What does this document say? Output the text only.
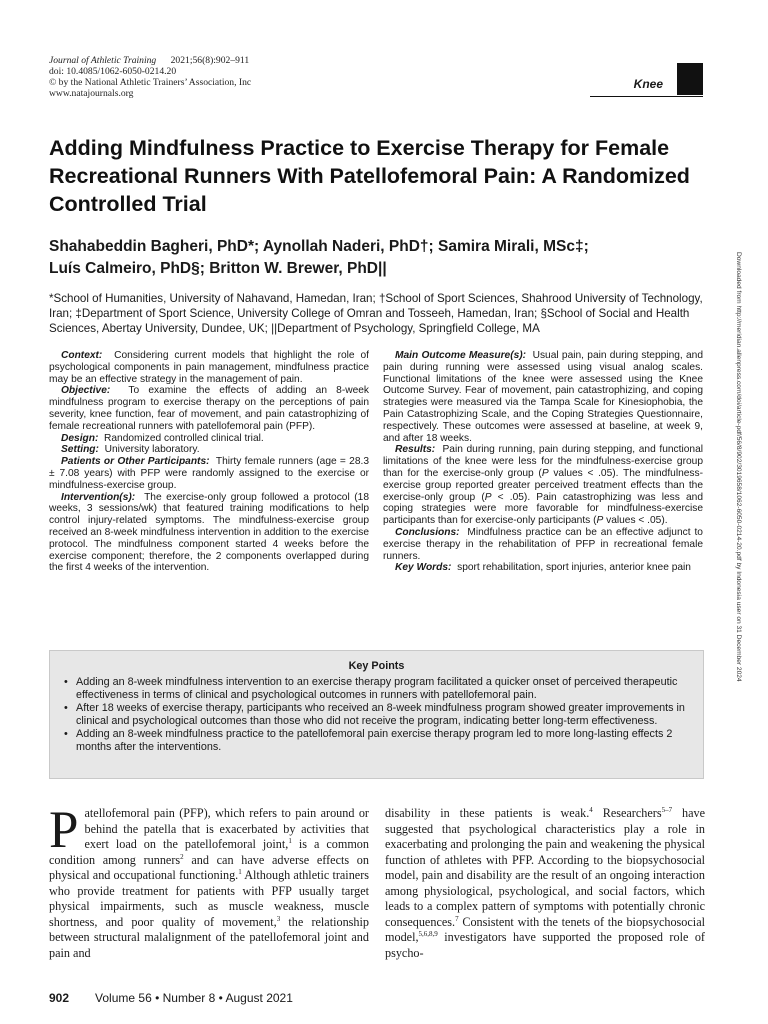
Journal of Athletic Training 2021;56(8):902–911
doi: 10.4085/1062-6050-0214.20
© by the National Athletic Trainers’ Association, Inc
www.natajournals.org
Knee
Adding Mindfulness Practice to Exercise Therapy for Female Recreational Runners With Patellofemoral Pain: A Randomized Controlled Trial
Shahabeddin Bagheri, PhD*; Aynollah Naderi, PhD†; Samira Mirali, MSc‡;
Luís Calmeiro, PhD§; Britton W. Brewer, PhD||
*School of Humanities, University of Nahavand, Hamedan, Iran; †School of Sport Sciences, Shahrood University of Technology, Iran; ‡Department of Sport Science, University College of Omran and Tosseeh, Hamedan, Iran; §School of Social and Health Sciences, Abertay University, Dundee, UK; ||Department of Psychology, Springfield College, MA

Context: Considering current models that highlight the role of psychological components in pain management, mindfulness practice may be an effective strategy in the management of pain.

Objective: To examine the effects of adding an 8-week mindfulness program to exercise therapy on the perceptions of pain severity, knee function, fear of movement, and pain catastrophizing of female recreational runners with patellofemoral pain (PFP).

Design: Randomized controlled clinical trial.

Setting: University laboratory.

Patients or Other Participants: Thirty female runners (age = 28.3 ± 7.08 years) with PFP were randomly assigned to the exercise or mindfulness-exercise group.

Intervention(s): The exercise-only group followed a protocol (18 weeks, 3 sessions/wk) that featured training modifications to help control injury-related symptoms. The mindfulness-exercise group received an 8-week mindfulness intervention in addition to the exercise protocol. The mindfulness component started 4 weeks before the exercise component; therefore, the 2 components overlapped during the first 4 weeks of the intervention.

Main Outcome Measure(s): Usual pain, pain during stepping, and pain during running were assessed using visual analog scales. Functional limitations of the knee were assessed using the Knee Outcome Survey. Fear of movement, pain catastrophizing, and coping strategies were measured via the Tampa Scale for Kinesiophobia, the Pain Catastrophizing Scale, and the Coping Strategies Questionnaire, respectively. These outcomes were assessed at baseline, at week 9, and after 18 weeks.

Results: Pain during running, pain during stepping, and functional limitations of the knee were less for the mindfulness-exercise group than for the exercise-only group (P values < .05). The mindfulness-exercise group reported greater perceived treatment effects than the exercise-only group (P < .05). Pain catastrophizing was less and coping strategies were more favorable for mindfulness-exercise participants than for exercise-only participants (P values < .05).

Conclusions: Mindfulness practice can be an effective adjunct to exercise therapy in the rehabilitation of PFP in recreational female runners.

Key Words: sport rehabilitation, sport injuries, anterior knee pain

Key Points
• Adding an 8-week mindfulness intervention to an exercise therapy program facilitated a quicker onset of perceived therapeutic effectiveness in terms of clinical and psychological outcomes in runners with patellofemoral pain.
• After 18 weeks of exercise therapy, participants who received an 8-week mindfulness program showed greater improvements in clinical and psychological outcomes than those who did not receive the program, indicating better long-term effectiveness.
• Adding an 8-week mindfulness practice to the patellofemoral pain exercise therapy program led to more long-lasting effects 2 months after the interventions.
Patellofemoral pain (PFP), which refers to pain around or behind the patella that is exacerbated by activities that exert load on the patellofemoral joint,$^1$ is a common condition among runners$^2$ and can have adverse effects on physical and occupational functioning.$^1$ Although athletic trainers who provide treatment for patients with PFP usually target physical impairments, such as muscle weakness, muscle shortness, and poor quality of movement,$^3$ the relationship between structural malalignment of the patellofemoral joint and pain and
disability in these patients is weak.$^4$ Researchers$^{5-7}$ have suggested that psychological characteristics play a role in exacerbating and prolonging the pain and weakening the physical function of athletes with PFP. According to the biopsychosocial model, pain and disability are the result of an ongoing interaction among physiological, psychological, and social factors, which leads to a complex pattern of symptoms with potentially chronic consequences.$^7$ Consistent with the tenets of the biopsychosocial model,$^{5,6,8,9}$ investigators have supported the proposed role of psycho-
902 Volume 56 • Number 8 • August 2021
Downloaded from http://meridian.allenpress.com/doi/article-pdf/56/8/902/3019658/1062-6050-0214-20.pdf by Indonesia user on 31 December 2024
